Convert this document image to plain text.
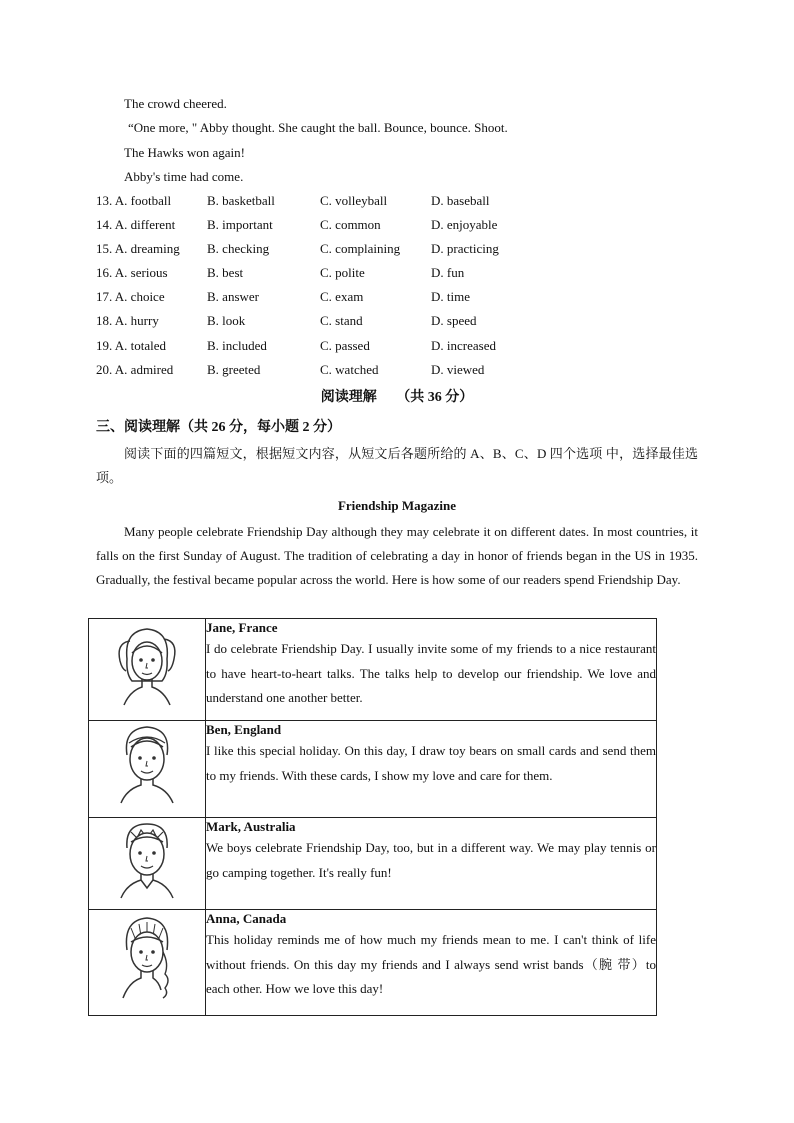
The crowd cheered.
“One more, " Abby thought. She caught the ball. Bounce, bounce. Shoot.
The Hawks won again!
Abby's time had come.
13. A. football	B. basketball	C. volleyball	D. baseball
14. A. different B. important	C. common	D. enjoyable
15. A. dreaming B. checking	C. complaining D. practicing
16. A. serious	B. best	C. polite	D. fun
17. A. choice	B. answer	C. exam	D. time
18. A. hurry	B. look	C. stand	D. speed
19. A. totaled	B. included	C. passed	D. increased
20. A. admired	B. greeted	C. watched	D. viewed
阅读理解 （共 36 分）
三、阅读理解（共 26 分，每小题 2 分）
阅读下面的四篇短文，根据短文内容，从短文后各题所给的 A、B、C、D 四个选项 中，选择最佳选项。
Friendship Magazine
Many people celebrate Friendship Day although they may celebrate it on different dates. In most countries, it falls on the first Sunday of August. The tradition of celebrating a day in honor of friends began in the US in 1935. Gradually, the festival became popular across the world. Here is how some of our readers spend Friendship Day.

Jane, France
I do celebrate Friendship Day. I usually invite some of my friends to a nice restaurant to have heart-to-heart talks. The talks help to develop our friendship. We love and understand one another better.

Ben, England
I like this special holiday. On this day, I draw toy bears on small cards and send them to my friends. With these cards, I show my love and care for them.

Mark, Australia
We boys celebrate Friendship Day, too, but in a different way. We may play tennis or go camping together. It's really fun!

Anna, Canada
This holiday reminds me of how much my friends mean to me. I can't think of life without friends. On this day my friends and I always send wrist bands（腕 带）to each other. How we love this day!
